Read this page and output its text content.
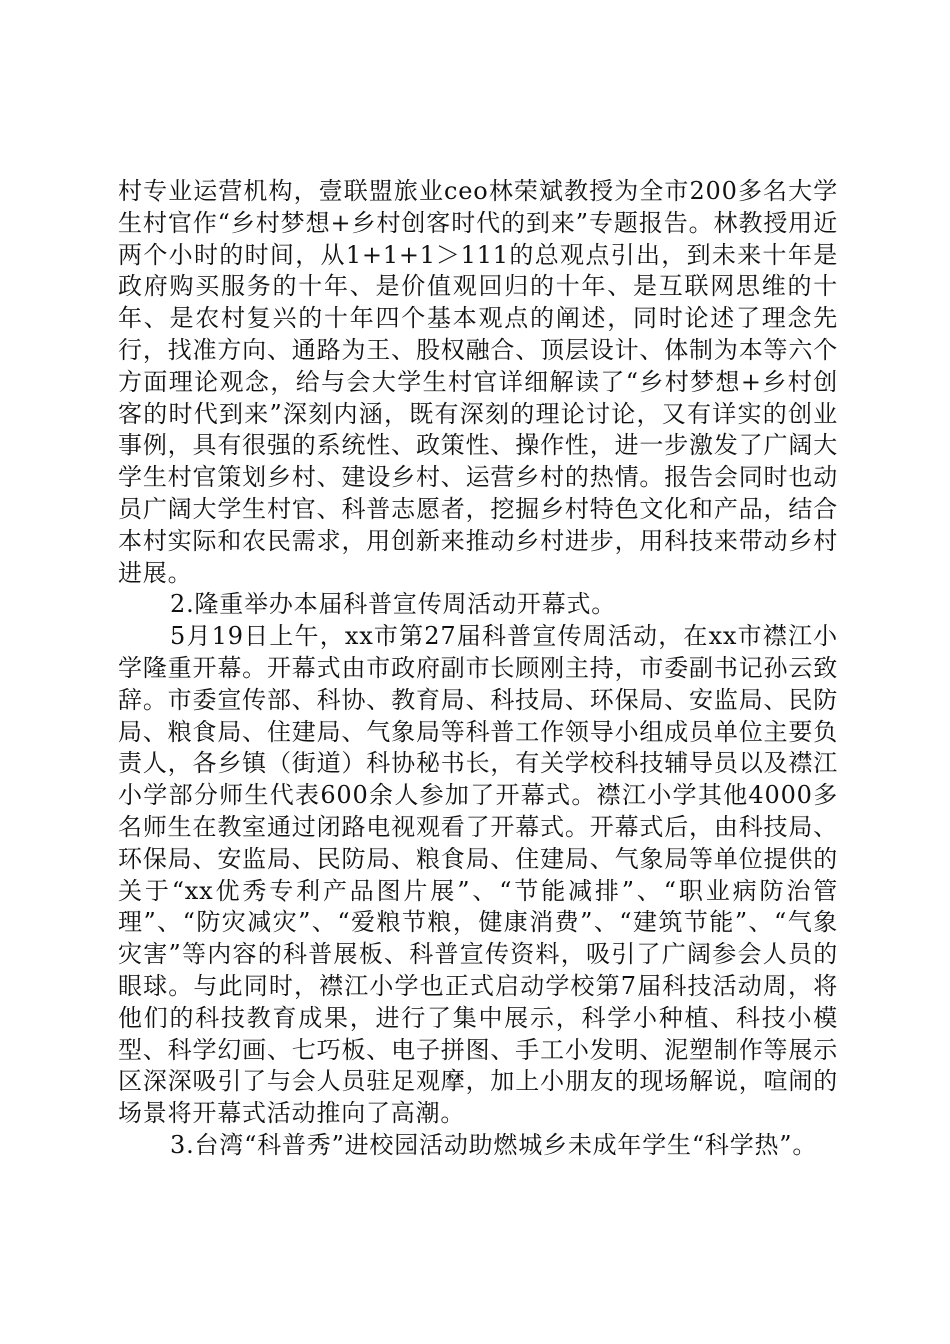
村专业运营机构，壹联盟旅业ceo林荣斌教授为全市200多名大学生村官作“乡村梦想+乡村创客时代的到来”专题报告。林教授用近两个小时的时间，从1+1+1＞111的总观点引出，到未来十年是政府购买服务的十年、是价值观回归的十年、是互联网思维的十年、是农村复兴的十年四个基本观点的阐述，同时论述了理念先行，找准方向、通路为王、股权融合、顶层设计、体制为本等六个方面理论观念，给与会大学生村官详细解读了“乡村梦想+乡村创客的时代到来”深刻内涵，既有深刻的理论讨论，又有详实的创业事例，具有很强的系统性、政策性、操作性，进一步激发了广阔大学生村官策划乡村、建设乡村、运营乡村的热情。报告会同时也动员广阔大学生村官、科普志愿者，挖掘乡村特色文化和产品，结合本村实际和农民需求，用创新来推动乡村进步，用科技来带动乡村进展。

2.隆重举办本届科普宣传周活动开幕式。

5月19日上午，xx市第27届科普宣传周活动，在xx市襟江小学隆重开幕。开幕式由市政府副市长顾刚主持，市委副书记孙云致辞。市委宣传部、科协、教育局、科技局、环保局、安监局、民防局、粮食局、住建局、气象局等科普工作领导小组成员单位主要负责人，各乡镇（街道）科协秘书长，有关学校科技辅导员以及襟江小学部分师生代表600余人参加了开幕式。襟江小学其他4000多名师生在教室通过闭路电视观看了开幕式。开幕式后，由科技局、环保局、安监局、民防局、粮食局、住建局、气象局等单位提供的关于“xx优秀专利产品图片展”、“节能减排”、“职业病防治管理”、“防灾减灾”、“爱粮节粮，健康消费”、“建筑节能”、“气象灾害”等内容的科普展板、科普宣传资料，吸引了广阔参会人员的眼球。与此同时，襟江小学也正式启动学校第7届科技活动周，将他们的科技教育成果，进行了集中展示，科学小种植、科技小模型、科学幻画、七巧板、电子拼图、手工小发明、泥塑制作等展示区深深吸引了与会人员驻足观摩，加上小朋友的现场解说，喧闹的场景将开幕式活动推向了高潮。

3.台湾“科普秀”进校园活动助燃城乡未成年学生“科学热”。
